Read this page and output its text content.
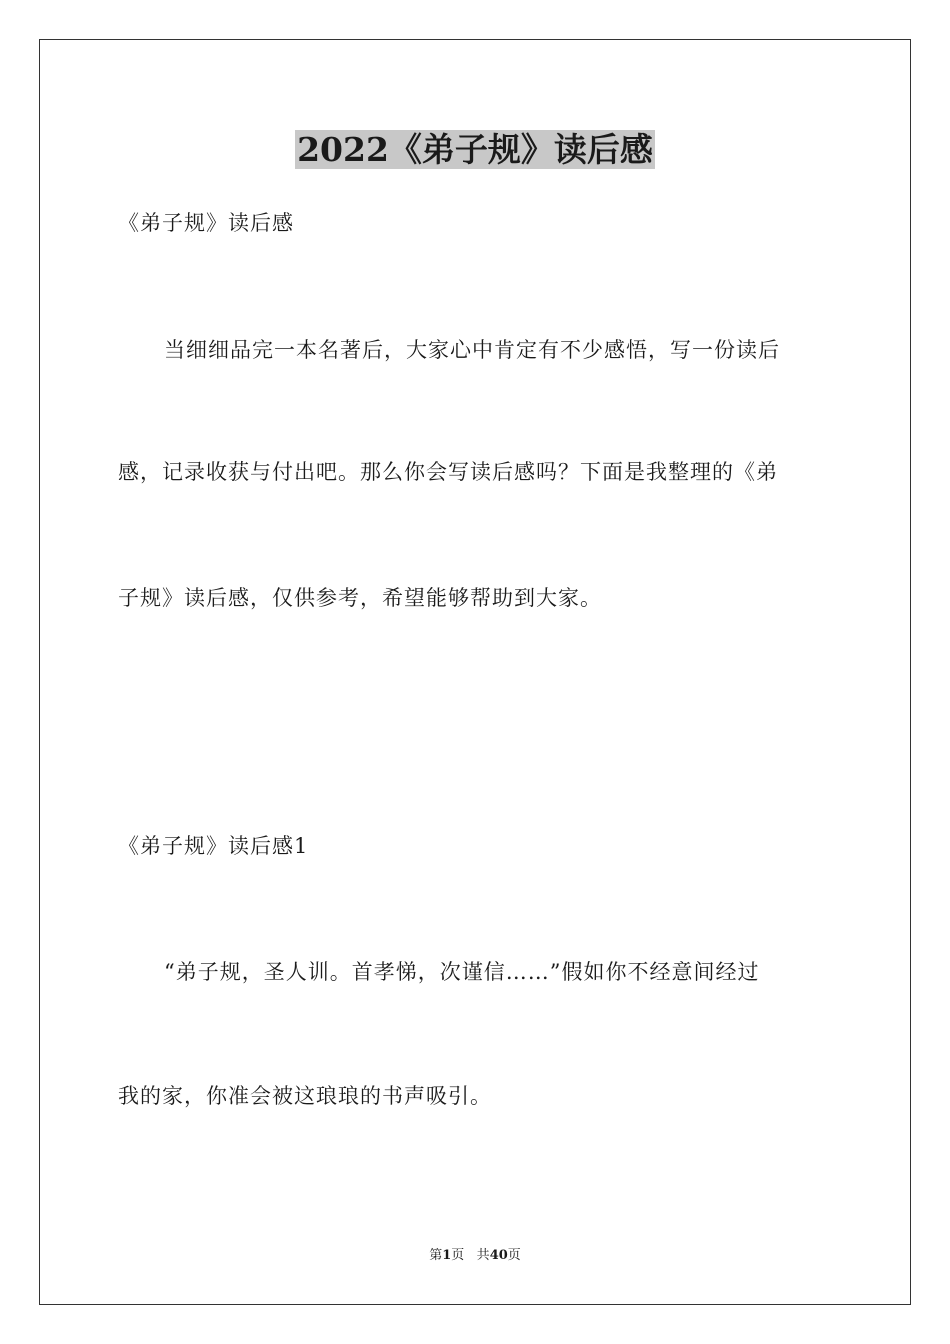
2022《弟子规》读后感
《弟子规》读后感
当细细品完一本名著后，大家心中肯定有不少感悟，写一份读后
感，记录收获与付出吧。那么你会写读后感吗？下面是我整理的《弟
子规》读后感，仅供参考，希望能够帮助到大家。
《弟子规》读后感1
“弟子规，圣人训。首孝悌，次谨信……”假如你不经意间经过
我的家，你准会被这琅琅的书声吸引。
第1页 共40页
